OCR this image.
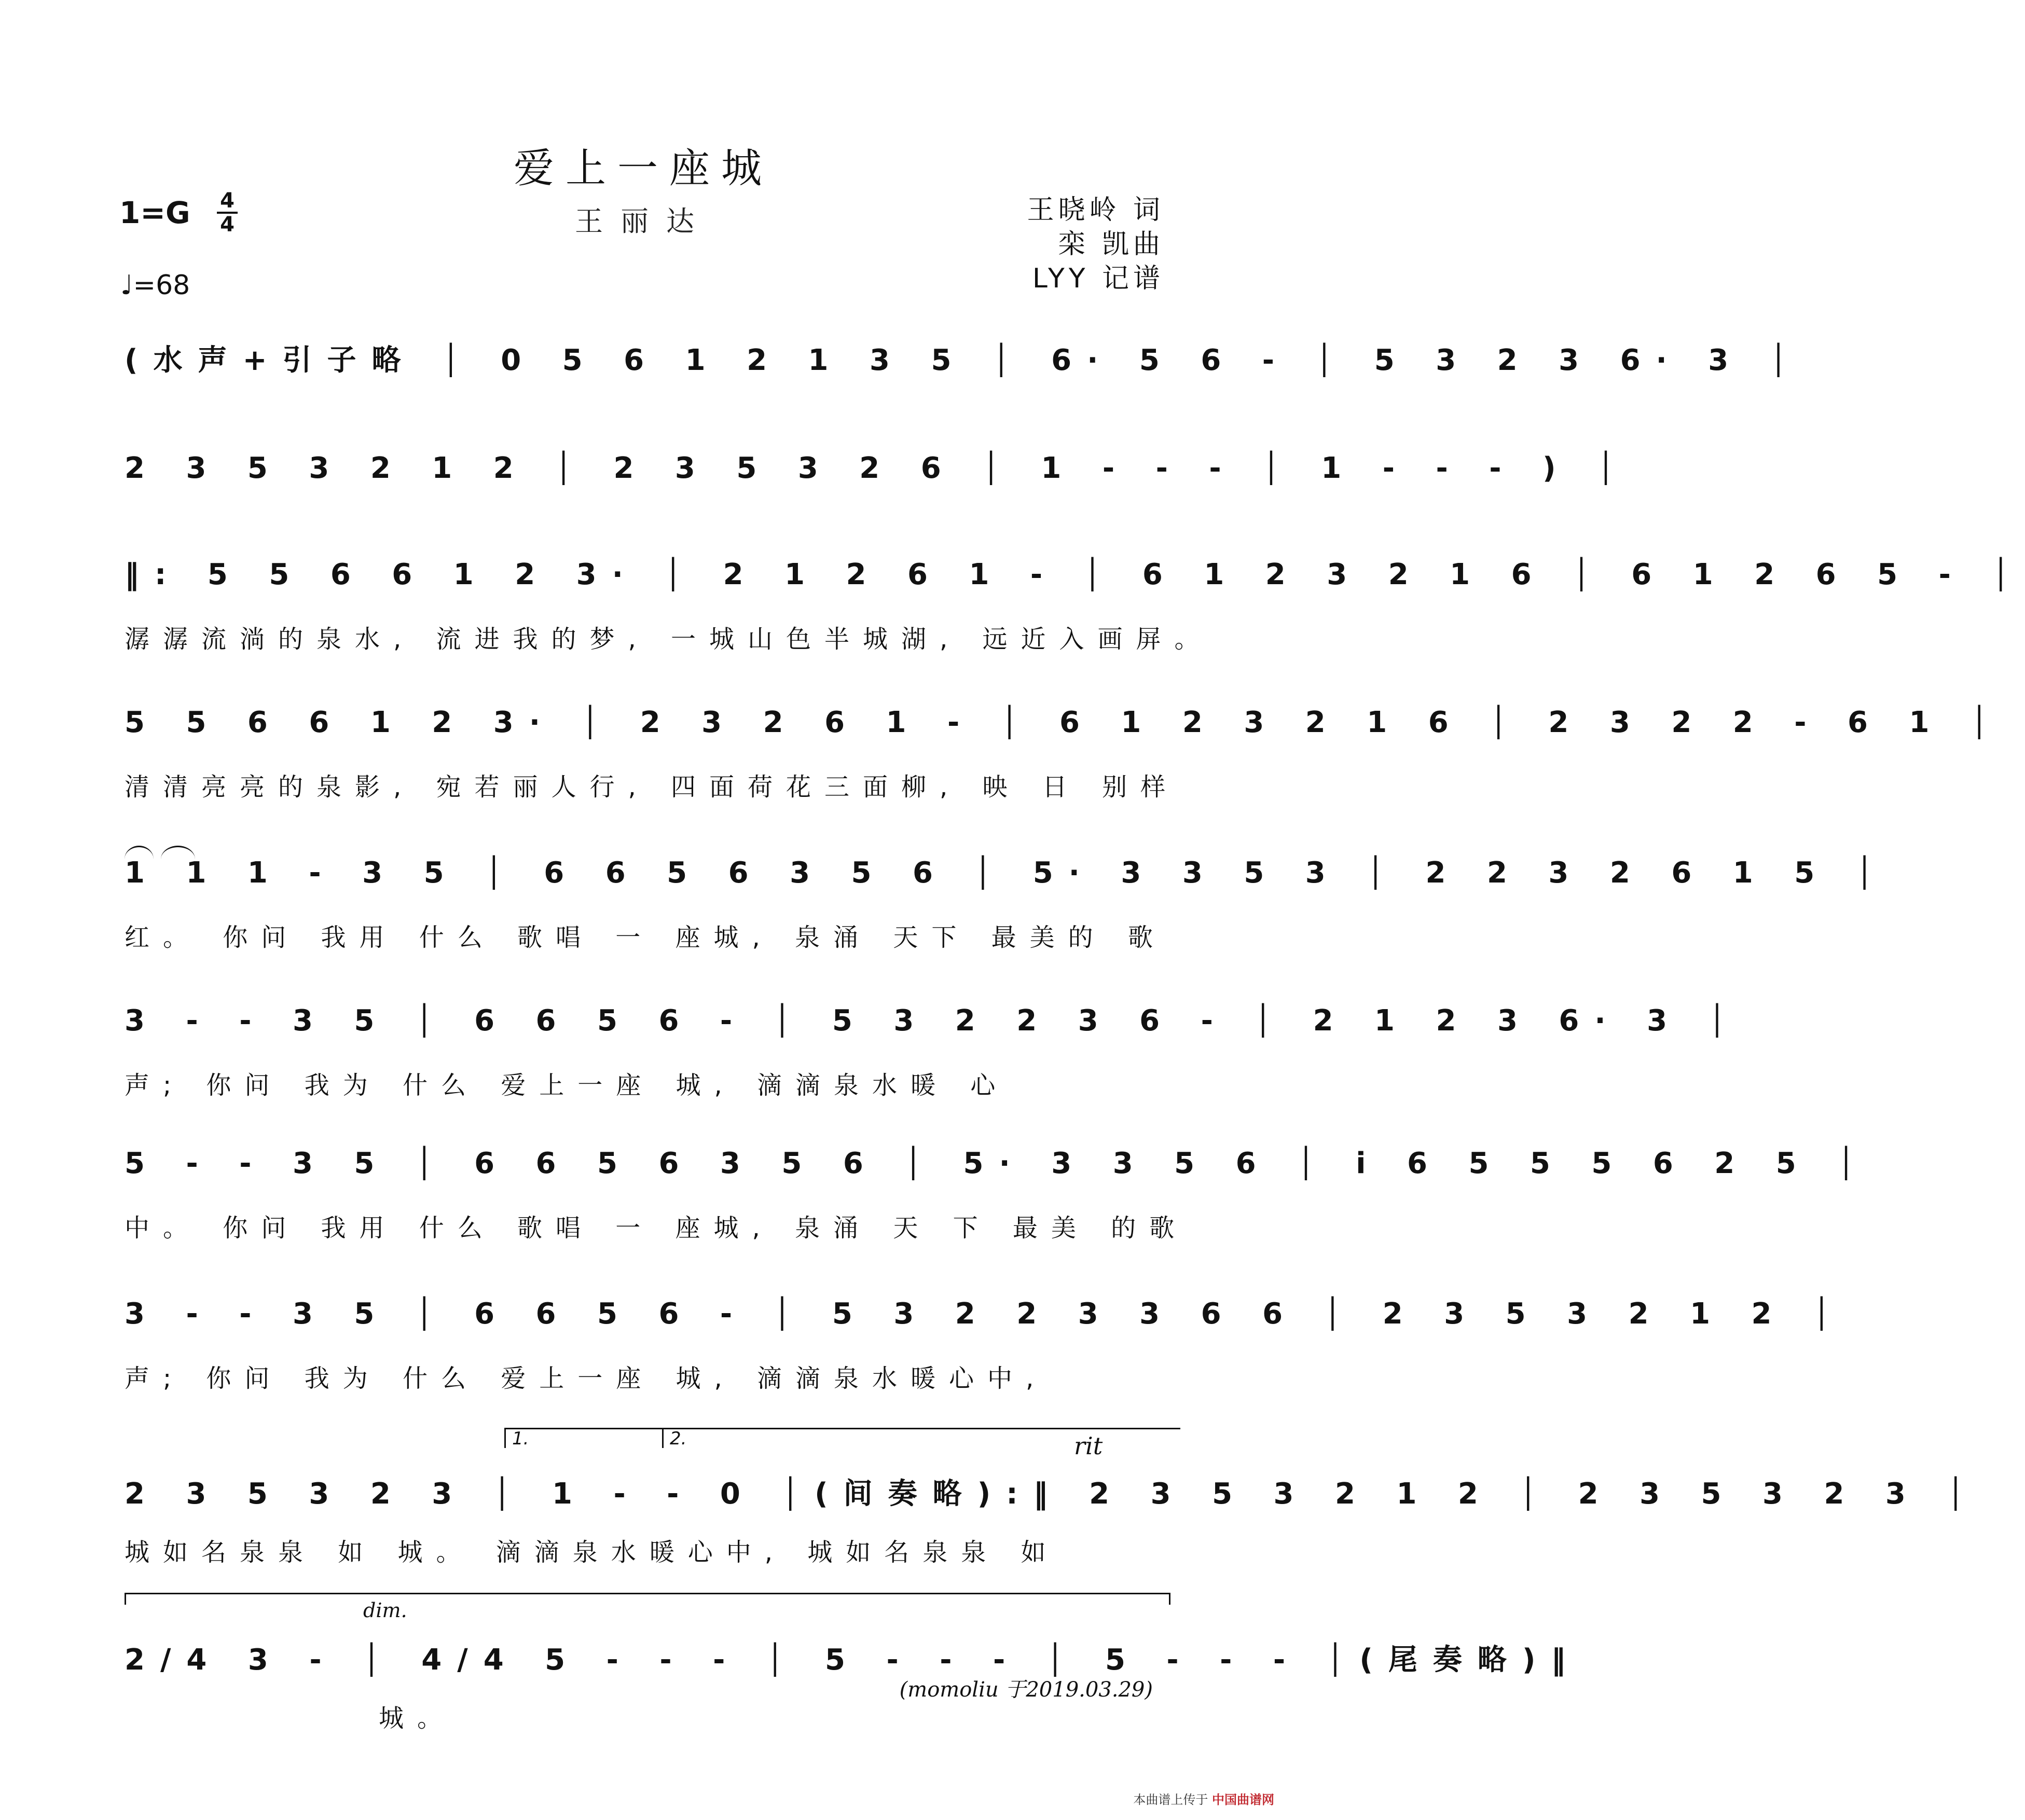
爱上一座城
王丽达
1=G 4
4
♩=68
王晓岭 词
栾 凯曲
LYY 记谱
(水声+引子略 │ 0 5 6 1 2 1 3 5 │ 6· 5 6 - │ 5 3 2 3 6· 3 │
2 3 5 3 2 1 2 │ 2 3 5 3 2 6 │ 1 - - - │ 1 - - - ) │
‖: 5 5 6 6 1 2 3· │ 2 1 2 6 1 - │ 6 1 2 3 2 1 6 │ 6 1 2 6 5 - │
潺潺流淌的泉水, 流进我的梦, 一城山色半城湖, 远近入画屏。
5 5 6 6 1 2 3· │ 2 3 2 6 1 - │ 6 1 2 3 2 1 6 │ 2 3 2 2 - 6 1 │
清清亮亮的泉影, 宛若丽人行, 四面荷花三面柳, 映 日 别样
1 1 1 - 3 5 │ 6 6 5 6 3 5 6 │ 5· 3 3 5 3 │ 2 2 3 2 6 1 5 │
红。 你问 我用 什么 歌唱 一 座城, 泉涌 天下 最美的 歌
3 - - 3 5 │ 6 6 5 6 - │ 5 3 2 2 3 6 - │ 2 1 2 3 6· 3 │
声; 你问 我为 什么 爱上一座 城, 滴滴泉水暖 心
5 - - 3 5 │ 6 6 5 6 3 5 6 │ 5· 3 3 5 6 │ i 6 5 5 5 6 2 5 │
中。 你问 我用 什么 歌唱 一 座城, 泉涌 天 下 最美 的歌
3 - - 3 5 │ 6 6 5 6 - │ 5 3 2 2 3 3 6 6 │ 2 3 5 3 2 1 2 │
声; 你问 我为 什么 爱上一座 城, 滴滴泉水暖心中,
1.	2.	rit
2 3 5 3 2 3 │ 1 - - 0 │(间奏略):‖ 2 3 5 3 2 1 2 │ 2 3 5 3 2 3 │
城如名泉泉 如 城。 滴滴泉水暖心中, 城如名泉泉 如
dim.
2/4 3 - │ 4/4 5 - - - │ 5 - - - │ 5 - - - │(尾奏略)‖
城。
(momoliu 于2019.03.29)
本曲谱上传于 中国曲谱网
